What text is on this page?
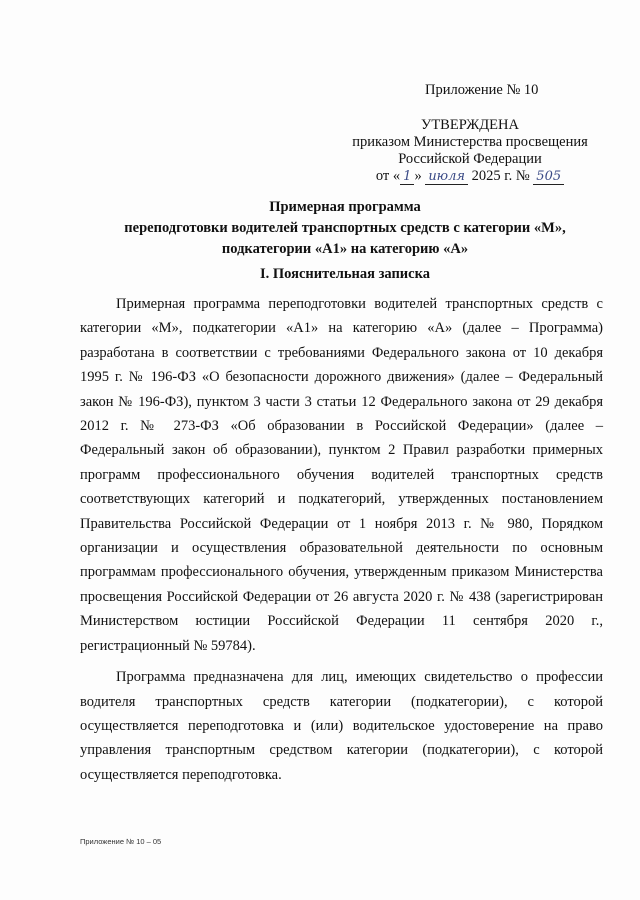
Приложение № 10
УТВЕРЖДЕНА
приказом Министерства просвещения
Российской Федерации
от « 1 » июля 2025 г. № 505
Примерная программа
переподготовки водителей транспортных средств с категории «М»,
подкатегории «А1» на категорию «А»
I. Пояснительная записка

Примерная программа переподготовки водителей транспортных средств с категории «М», подкатегории «А1» на категорию «А» (далее – Программа) разработана в соответствии с требованиями Федерального закона от 10 декабря 1995 г. № 196-ФЗ «О безопасности дорожного движения» (далее – Федеральный закон № 196-ФЗ), пунктом 3 части 3 статьи 12 Федерального закона от 29 декабря 2012 г. № 273-ФЗ «Об образовании в Российской Федерации» (далее – Федеральный закон об образовании), пунктом 2 Правил разработки примерных программ профессионального обучения водителей транспортных средств соответствующих категорий и подкатегорий, утвержденных постановлением Правительства Российской Федерации от 1 ноября 2013 г. № 980, Порядком организации и осуществления образовательной деятельности по основным программам профессионального обучения, утвержденным приказом Министерства просвещения Российской Федерации от 26 августа 2020 г. № 438 (зарегистрирован Министерством юстиции Российской Федерации 11 сентября 2020 г., регистрационный № 59784).

Программа предназначена для лиц, имеющих свидетельство о профессии водителя транспортных средств категории (подкатегории), с которой осуществляется переподготовка и (или) водительское удостоверение на право управления транспортным средством категории (подкатегории), с которой осуществляется переподготовка.

Приложение № 10 – 05
